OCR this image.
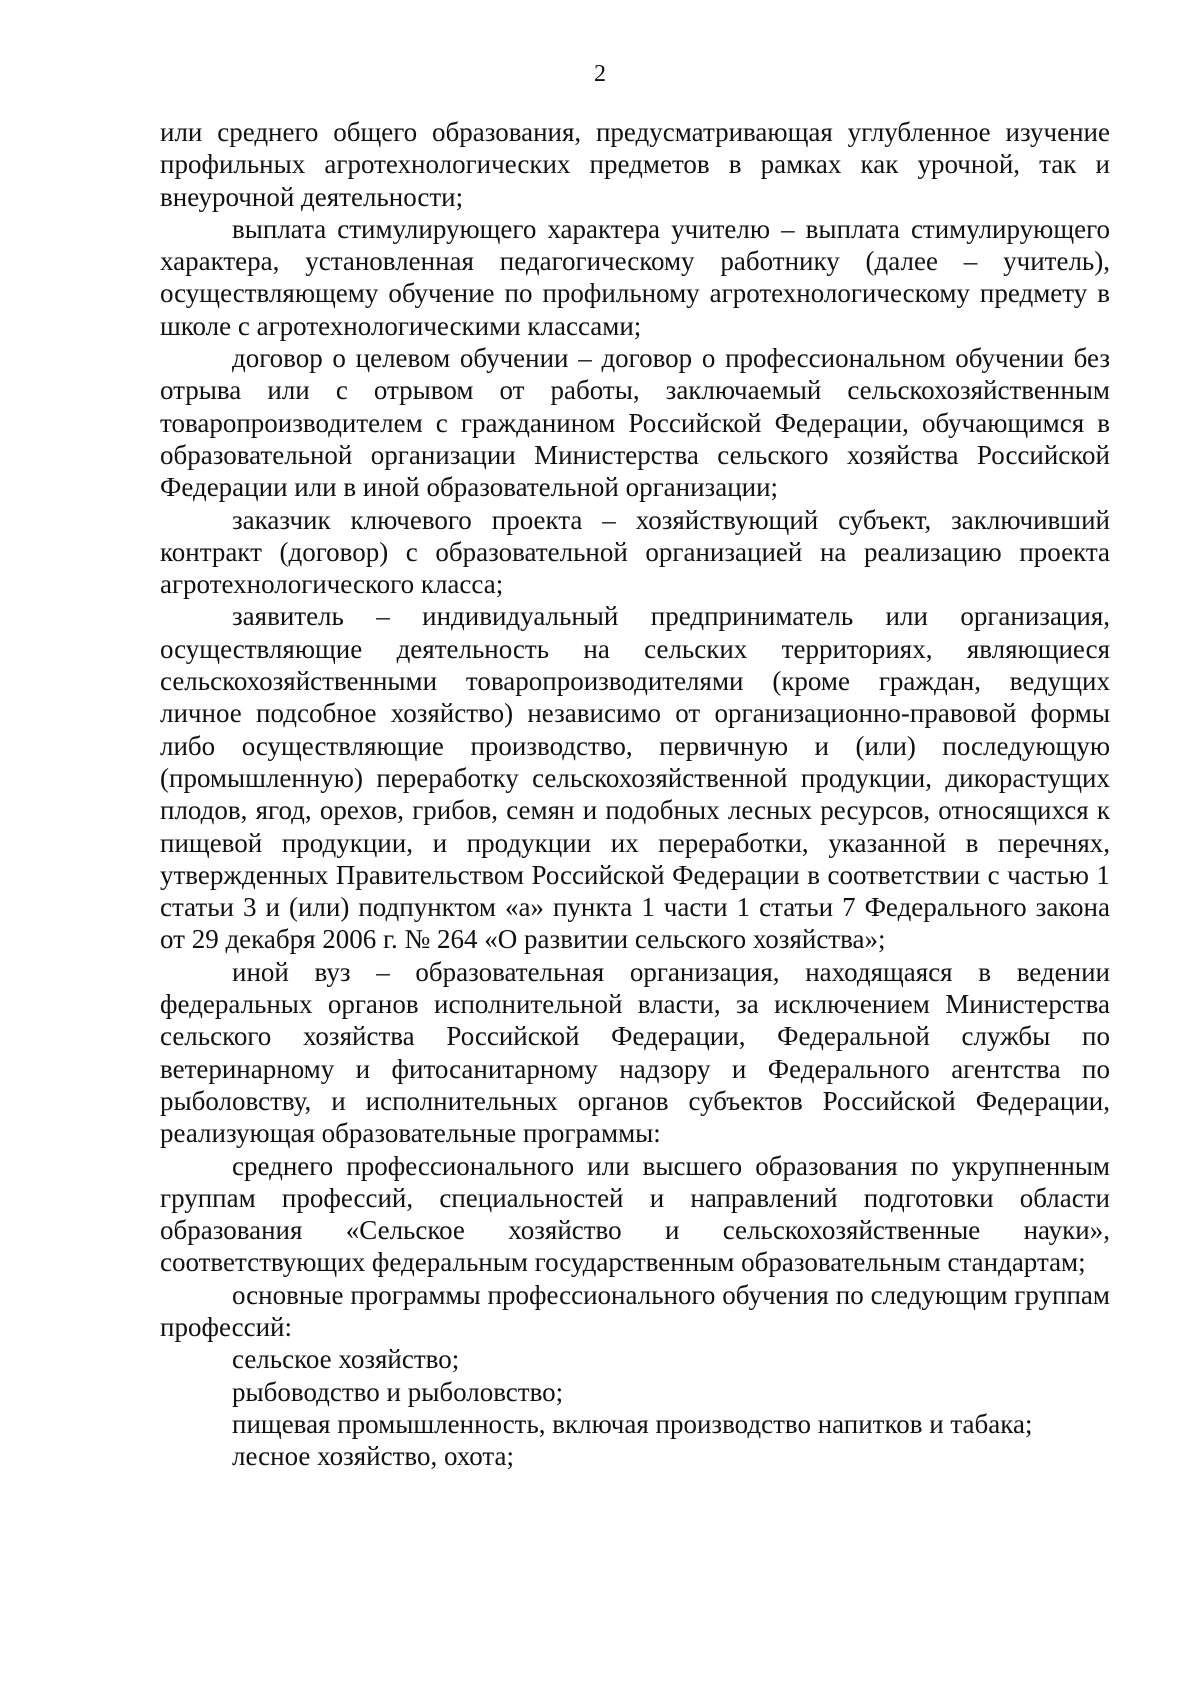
2

или среднего общего образования, предусматривающая углубленное изучение профильных агротехнологических предметов в рамках как урочной, так и внеурочной деятельности;

выплата стимулирующего характера учителю – выплата стимулирующего характера, установленная педагогическому работнику (далее – учитель), осуществляющему обучение по профильному агротехнологическому предмету в школе с агротехнологическими классами;

договор о целевом обучении – договор о профессиональном обучении без отрыва или с отрывом от работы, заключаемый сельскохозяйственным товаропроизводителем с гражданином Российской Федерации, обучающимся в образовательной организации Министерства сельского хозяйства Российской Федерации или в иной образовательной организации;

заказчик ключевого проекта – хозяйствующий субъект, заключивший контракт (договор) с образовательной организацией на реализацию проекта агротехнологического класса;

заявитель – индивидуальный предприниматель или организация, осуществляющие деятельность на сельских территориях, являющиеся сельскохозяйственными товаропроизводителями (кроме граждан, ведущих личное подсобное хозяйство) независимо от организационно-правовой формы либо осуществляющие производство, первичную и (или) последующую (промышленную) переработку сельскохозяйственной продукции, дикорастущих плодов, ягод, орехов, грибов, семян и подобных лесных ресурсов, относящихся к пищевой продукции, и продукции их переработки, указанной в перечнях, утвержденных Правительством Российской Федерации в соответствии с частью 1 статьи 3 и (или) подпунктом «а» пункта 1 части 1 статьи 7 Федерального закона от 29 декабря 2006 г. № 264 «О развитии сельского хозяйства»;

иной вуз – образовательная организация, находящаяся в ведении федеральных органов исполнительной власти, за исключением Министерства сельского хозяйства Российской Федерации, Федеральной службы по ветеринарному и фитосанитарному надзору и Федерального агентства по рыболовству, и исполнительных органов субъектов Российской Федерации, реализующая образовательные программы:

среднего профессионального или высшего образования по укрупненным группам профессий, специальностей и направлений подготовки области образования «Сельское хозяйство и сельскохозяйственные науки», соответствующих федеральным государственным образовательным стандартам;

основные программы профессионального обучения по следующим группам профессий:

сельское хозяйство;

рыбоводство и рыболовство;

пищевая промышленность, включая производство напитков и табака;

лесное хозяйство, охота;
